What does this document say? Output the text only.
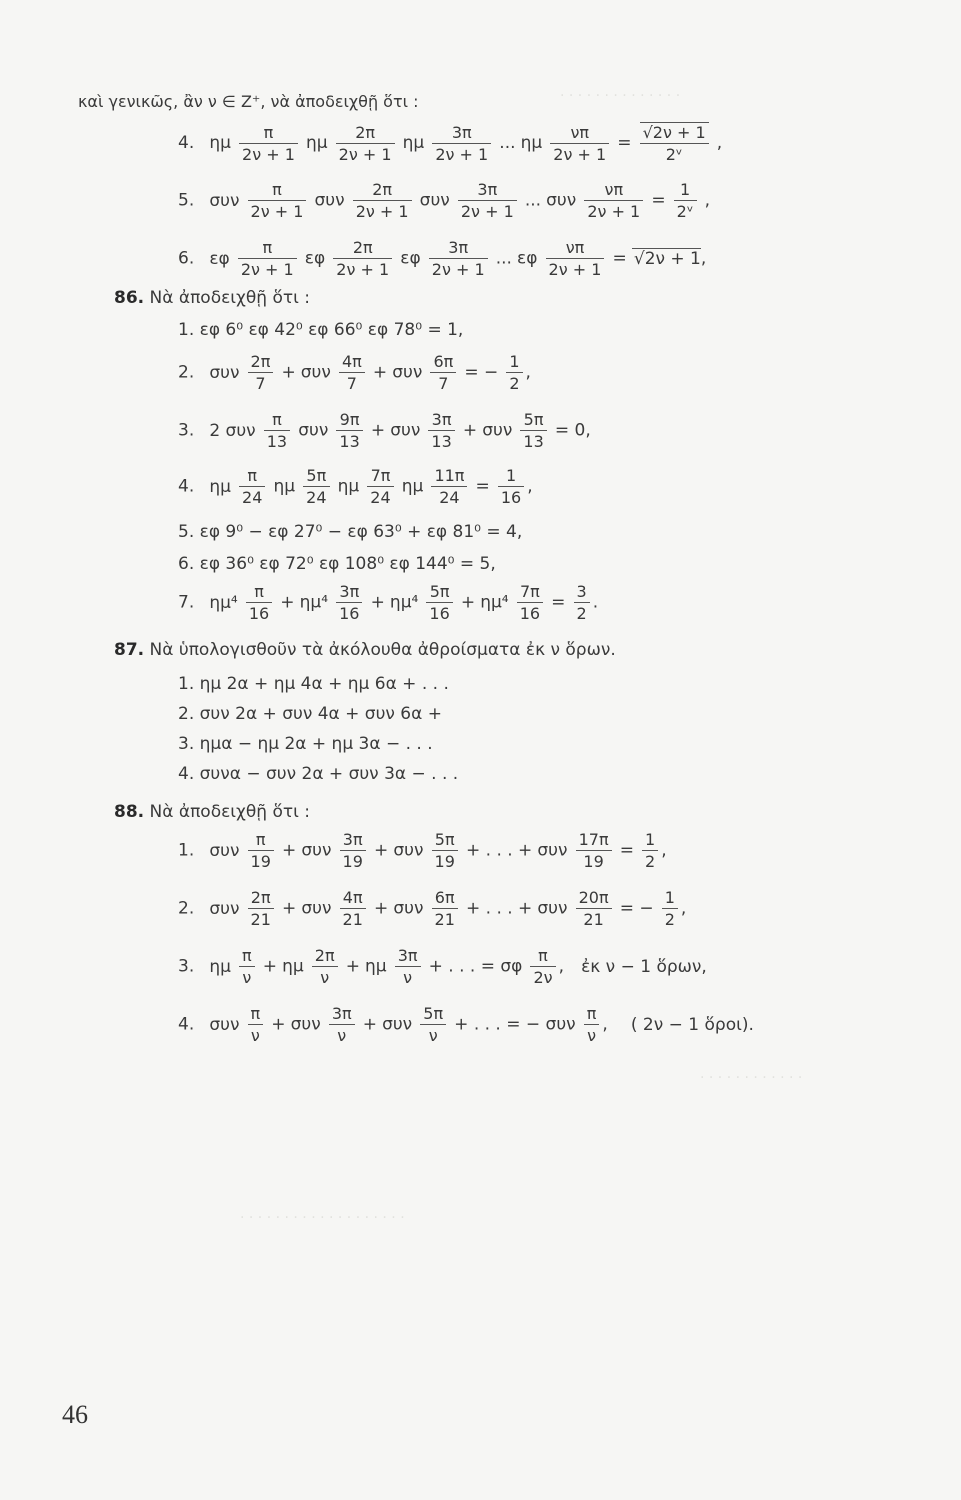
· · · · · · · · · · · · · ·
καὶ γενικῶς, ἂν ν ∈ Z⁺, νὰ ἀποδειχθῇ ὅτι :
4. ημ $\frac{\pi}{2\nu + 1}$ ημ $\frac{2\pi}{2\nu + 1}$ ημ $\frac{3\pi}{2\nu + 1}$ ... ημ $\frac{\nu\pi}{2\nu + 1} = \frac{√2\nu + 1}{\text{2ᵛ}}$ ,
5. συν $\frac{\pi}{2\nu + 1}$ συν $\frac{2\pi}{2\nu + 1}$ συν $\frac{3\pi}{2\nu + 1}$ ... συν $\frac{\nu\pi}{2\nu + 1} = \frac{1}{\text{2ᵛ}}$ ,
6. εφ $\frac{\pi}{2\nu + 1}$ εφ $\frac{2\pi}{2\nu + 1}$ εφ $\frac{3\pi}{2\nu + 1}$ ... εφ $\frac{\nu\pi}{2\nu + 1} = √2\nu + 1$,
86. Νὰ ἀποδειχθῇ ὅτι :
1. εφ 6⁰ εφ 42⁰ εφ 66⁰ εφ 78⁰ = 1,
2. συν $\frac{2\pi}{7} + \sigma\upsilon\nu \frac{4\pi}{7} + \sigma\upsilon\nu \frac{6\pi}{7}$ = − $\frac{1}{2}$ ,
3. 2 συν $\frac{\pi}{13}$ συν $\frac{9\pi}{13} + \sigma\upsilon\nu \frac{3\pi}{13} + \sigma\upsilon\nu \frac{5\pi}{13} = 0$,
4. ημ $\frac{\pi}{24}$ ημ $\frac{5\pi}{24}$ ημ $\frac{7\pi}{24}$ ημ $\frac{11\pi}{24} = \frac{1}{16}$ ,
5. εφ 9⁰ − εφ 27⁰ − εφ 63⁰ + εφ 81⁰ = 4,
6. εφ 36⁰ εφ 72⁰ εφ 108⁰ εφ 144⁰ = 5,
7. $\eta\mu^4 \frac{\pi}{16} + \eta\mu^4 \frac{3\pi}{16} + \eta\mu^4 \frac{5\pi}{16} + \eta\mu^4 \frac{7\pi}{16} = \frac{3}{2}$ .
87. Νὰ ὑπολογισθοῦν τὰ ἀκόλουθα ἀθροίσματα ἐκ ν ὅρων.
1. ημ 2α + ημ 4α + ημ 6α + . . .
2. συν 2α + συν 4α + συν 6α +
3. ημα − ημ 2α + ημ 3α − . . .
4. συνα − συν 2α + συν 3α − . . .
88. Νὰ ἀποδειχθῇ ὅτι :
1. συν $\frac{\pi}{19} + \sigma\upsilon\nu \frac{3\pi}{19} + \sigma\upsilon\nu \frac{5\pi}{19}$ + . . . + συν $\frac{17\pi}{19} = \frac{1}{2}$ ,
2. συν $\frac{2\pi}{21} + \sigma\upsilon\nu \frac{4\pi}{21} + \sigma\upsilon\nu \frac{6\pi}{21}$ + . . . + συν $\frac{20\pi}{21}$ = − $\frac{1}{2}$ ,
3. ημ $\frac{\pi}{\nu} + \eta\mu \frac{2\pi}{\nu} + \eta\mu \frac{3\pi}{\nu}$ + . . . = σφ $\frac{\pi}{2\nu}$ , ἐκ ν − 1 ὅρων,
4. συν $\frac{\pi}{\nu} + \sigma\upsilon\nu \frac{3\pi}{\nu} + \sigma\upsilon\nu \frac{5\pi}{\nu}$ + . . . = − συν $\frac{\pi}{\nu}$ , ( 2ν − 1 ὅροι).
· · · · · · · · · · · ·
· · · · · · · · · · · · · · · · · · ·
46
